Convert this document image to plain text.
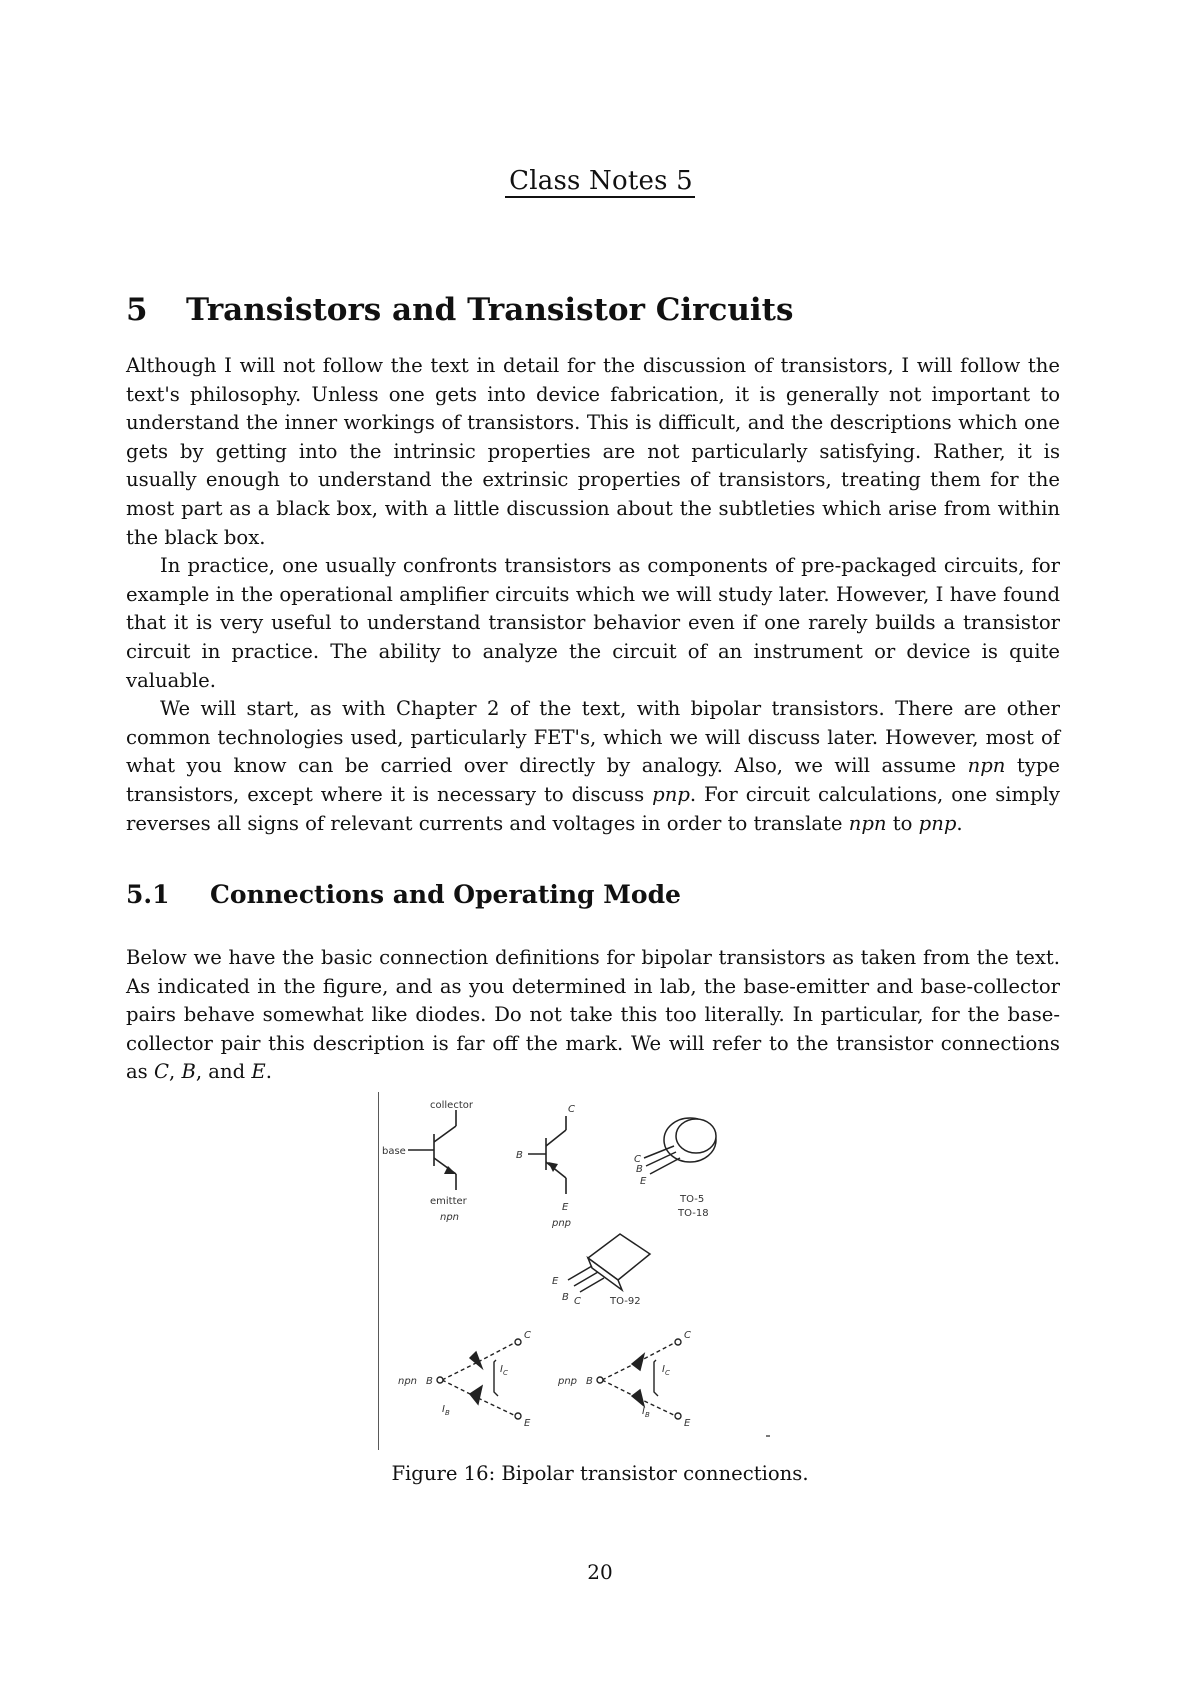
Class Notes 5
5 Transistors and Transistor Circuits

Although I will not follow the text in detail for the discussion of transistors, I will follow the text's philosophy. Unless one gets into device fabrication, it is generally not important to understand the inner workings of transistors. This is difficult, and the descriptions which one gets by getting into the intrinsic properties are not particularly satisfying. Rather, it is usually enough to understand the extrinsic properties of transistors, treating them for the most part as a black box, with a little discussion about the subtleties which arise from within the black box.

In practice, one usually confronts transistors as components of pre-packaged circuits, for example in the operational amplifier circuits which we will study later. However, I have found that it is very useful to understand transistor behavior even if one rarely builds a transistor circuit in practice. The ability to analyze the circuit of an instrument or device is quite valuable.

We will start, as with Chapter 2 of the text, with bipolar transistors. There are other common technologies used, particularly FET's, which we will discuss later. However, most of what you know can be carried over directly by analogy. Also, we will assume npn type transistors, except where it is necessary to discuss pnp. For circuit calculations, one simply reverses all signs of relevant currents and voltages in order to translate npn to pnp.

5.1 Connections and Operating Mode

Below we have the basic connection definitions for bipolar transistors as taken from the text. As indicated in the figure, and as you determined in lab, the base-emitter and base-collector pairs behave somewhat like diodes. Do not take this too literally. In particular, for the base-collector pair this description is far off the mark. We will refer to the transistor connections as C, B, and E.

collector
base
emitter
npn
C
B
E
pnp
C
B
E
TO-5
TO-18
E
B C	TO-92
npn B
C
E
$I_C$
$I_B$
pnp B
C
E
$I_C$
$I_B$
Figure 16: Bipolar transistor connections.
20
